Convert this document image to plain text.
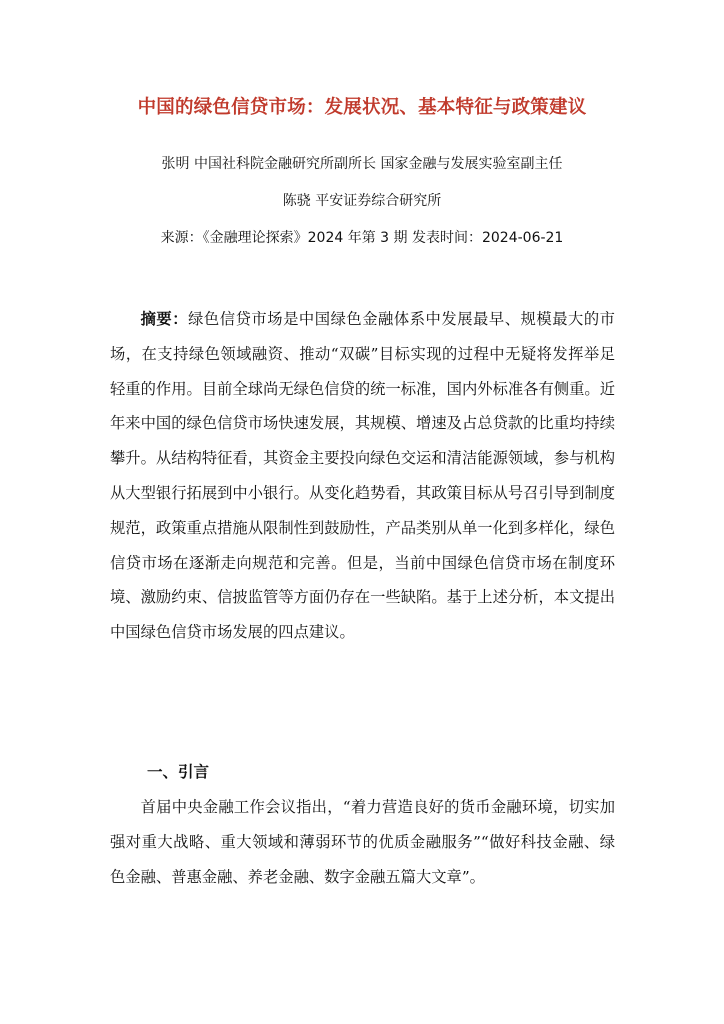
中国的绿色信贷市场：发展状况、基本特征与政策建议
张明 中国社科院金融研究所副所长 国家金融与发展实验室副主任
陈骁 平安证券综合研究所
来源：《金融理论探索》2024 年第 3 期 发表时间：2024-06-21

摘要：绿色信贷市场是中国绿色金融体系中发展最早、规模最大的市场，在支持绿色领域融资、推动“双碳”目标实现的过程中无疑将发挥举足轻重的作用。目前全球尚无绿色信贷的统一标准，国内外标准各有侧重。近年来中国的绿色信贷市场快速发展，其规模、增速及占总贷款的比重均持续攀升。从结构特征看，其资金主要投向绿色交运和清洁能源领域，参与机构从大型银行拓展到中小银行。从变化趋势看，其政策目标从号召引导到制度规范，政策重点措施从限制性到鼓励性，产品类别从单一化到多样化，绿色信贷市场在逐渐走向规范和完善。但是，当前中国绿色信贷市场在制度环境、激励约束、信披监管等方面仍存在一些缺陷。基于上述分析，本文提出中国绿色信贷市场发展的四点建议。

一、引言

首届中央金融工作会议指出，“着力营造良好的货币金融环境，切实加强对重大战略、重大领域和薄弱环节的优质金融服务”“做好科技金融、绿色金融、普惠金融、养老金融、数字金融五篇大文章”。
